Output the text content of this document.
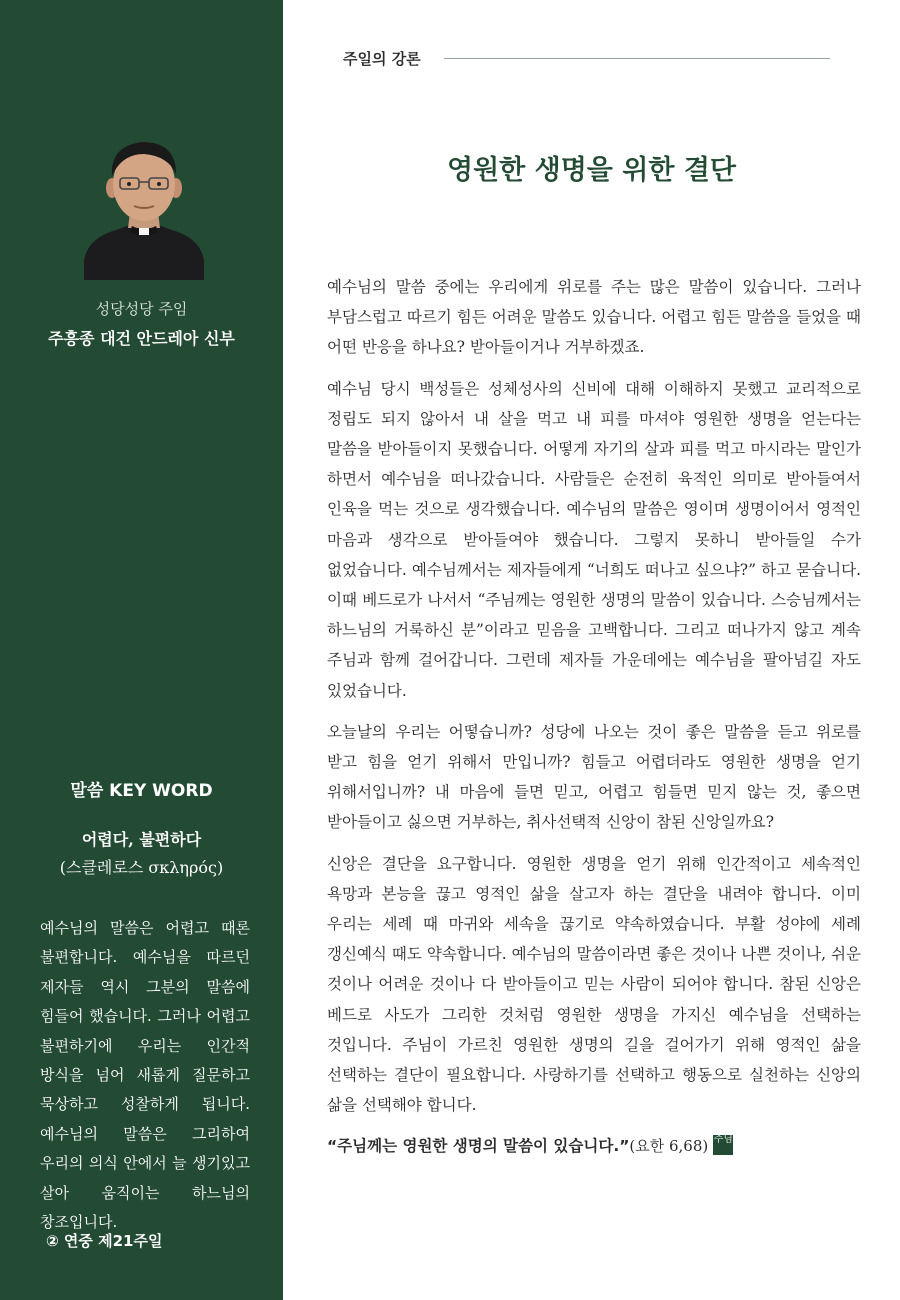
성당성당 주임
주흥종 대건 안드레아 신부
말씀 KEY WORD
어렵다, 불편하다
(스클레로스 σκληρός)
예수님의 말씀은 어렵고 때론 불편합니다. 예수님을 따르던 제자들 역시 그분의 말씀에 힘들어 했습니다. 그러나 어렵고 불편하기에 우리는 인간적 방식을 넘어 새롭게 질문하고 묵상하고 성찰하게 됩니다. 예수님의 말씀은 그리하여 우리의 의식 안에서 늘 생기있고 살아 움직이는 하느님의 창조입니다.
② 연중 제21주일
주일의 강론
영원한 생명을 위한 결단

예수님의 말씀 중에는 우리에게 위로를 주는 많은 말씀이 있습니다. 그러나 부담스럽고 따르기 힘든 어려운 말씀도 있습니다. 어렵고 힘든 말씀을 들었을 때 어떤 반응을 하나요? 받아들이거나 거부하겠죠.

예수님 당시 백성들은 성체성사의 신비에 대해 이해하지 못했고 교리적으로 정립도 되지 않아서 내 살을 먹고 내 피를 마셔야 영원한 생명을 얻는다는 말씀을 받아들이지 못했습니다. 어떻게 자기의 살과 피를 먹고 마시라는 말인가 하면서 예수님을 떠나갔습니다. 사람들은 순전히 육적인 의미로 받아들여서 인육을 먹는 것으로 생각했습니다. 예수님의 말씀은 영이며 생명이어서 영적인 마음과 생각으로 받아들여야 했습니다. 그렇지 못하니 받아들일 수가 없었습니다. 예수님께서는 제자들에게 “너희도 떠나고 싶으냐?” 하고 묻습니다. 이때 베드로가 나서서 “주님께는 영원한 생명의 말씀이 있습니다. 스승님께서는 하느님의 거룩하신 분”이라고 믿음을 고백합니다. 그리고 떠나가지 않고 계속 주님과 함께 걸어갑니다. 그런데 제자들 가운데에는 예수님을 팔아넘길 자도 있었습니다.

오늘날의 우리는 어떻습니까? 성당에 나오는 것이 좋은 말씀을 듣고 위로를 받고 힘을 얻기 위해서 만입니까? 힘들고 어렵더라도 영원한 생명을 얻기 위해서입니까? 내 마음에 들면 믿고, 어렵고 힘들면 믿지 않는 것, 좋으면 받아들이고 싫으면 거부하는, 취사선택적 신앙이 참된 신앙일까요?

신앙은 결단을 요구합니다. 영원한 생명을 얻기 위해 인간적이고 세속적인 욕망과 본능을 끊고 영적인 삶을 살고자 하는 결단을 내려야 합니다. 이미 우리는 세례 때 마귀와 세속을 끊기로 약속하였습니다. 부활 성야에 세례 갱신예식 때도 약속합니다. 예수님의 말씀이라면 좋은 것이나 나쁜 것이나, 쉬운 것이나 어려운 것이나 다 받아들이고 믿는 사람이 되어야 합니다. 참된 신앙은 베드로 사도가 그리한 것처럼 영원한 생명을 가지신 예수님을 선택하는 것입니다. 주님이 가르친 영원한 생명의 길을 걸어가기 위해 영적인 삶을 선택하는 결단이 필요합니다. 사랑하기를 선택하고 행동으로 실천하는 신앙의 삶을 선택해야 합니다.

“주님께는 영원한 생명의 말씀이 있습니다.”(요한 6,68) 주님
